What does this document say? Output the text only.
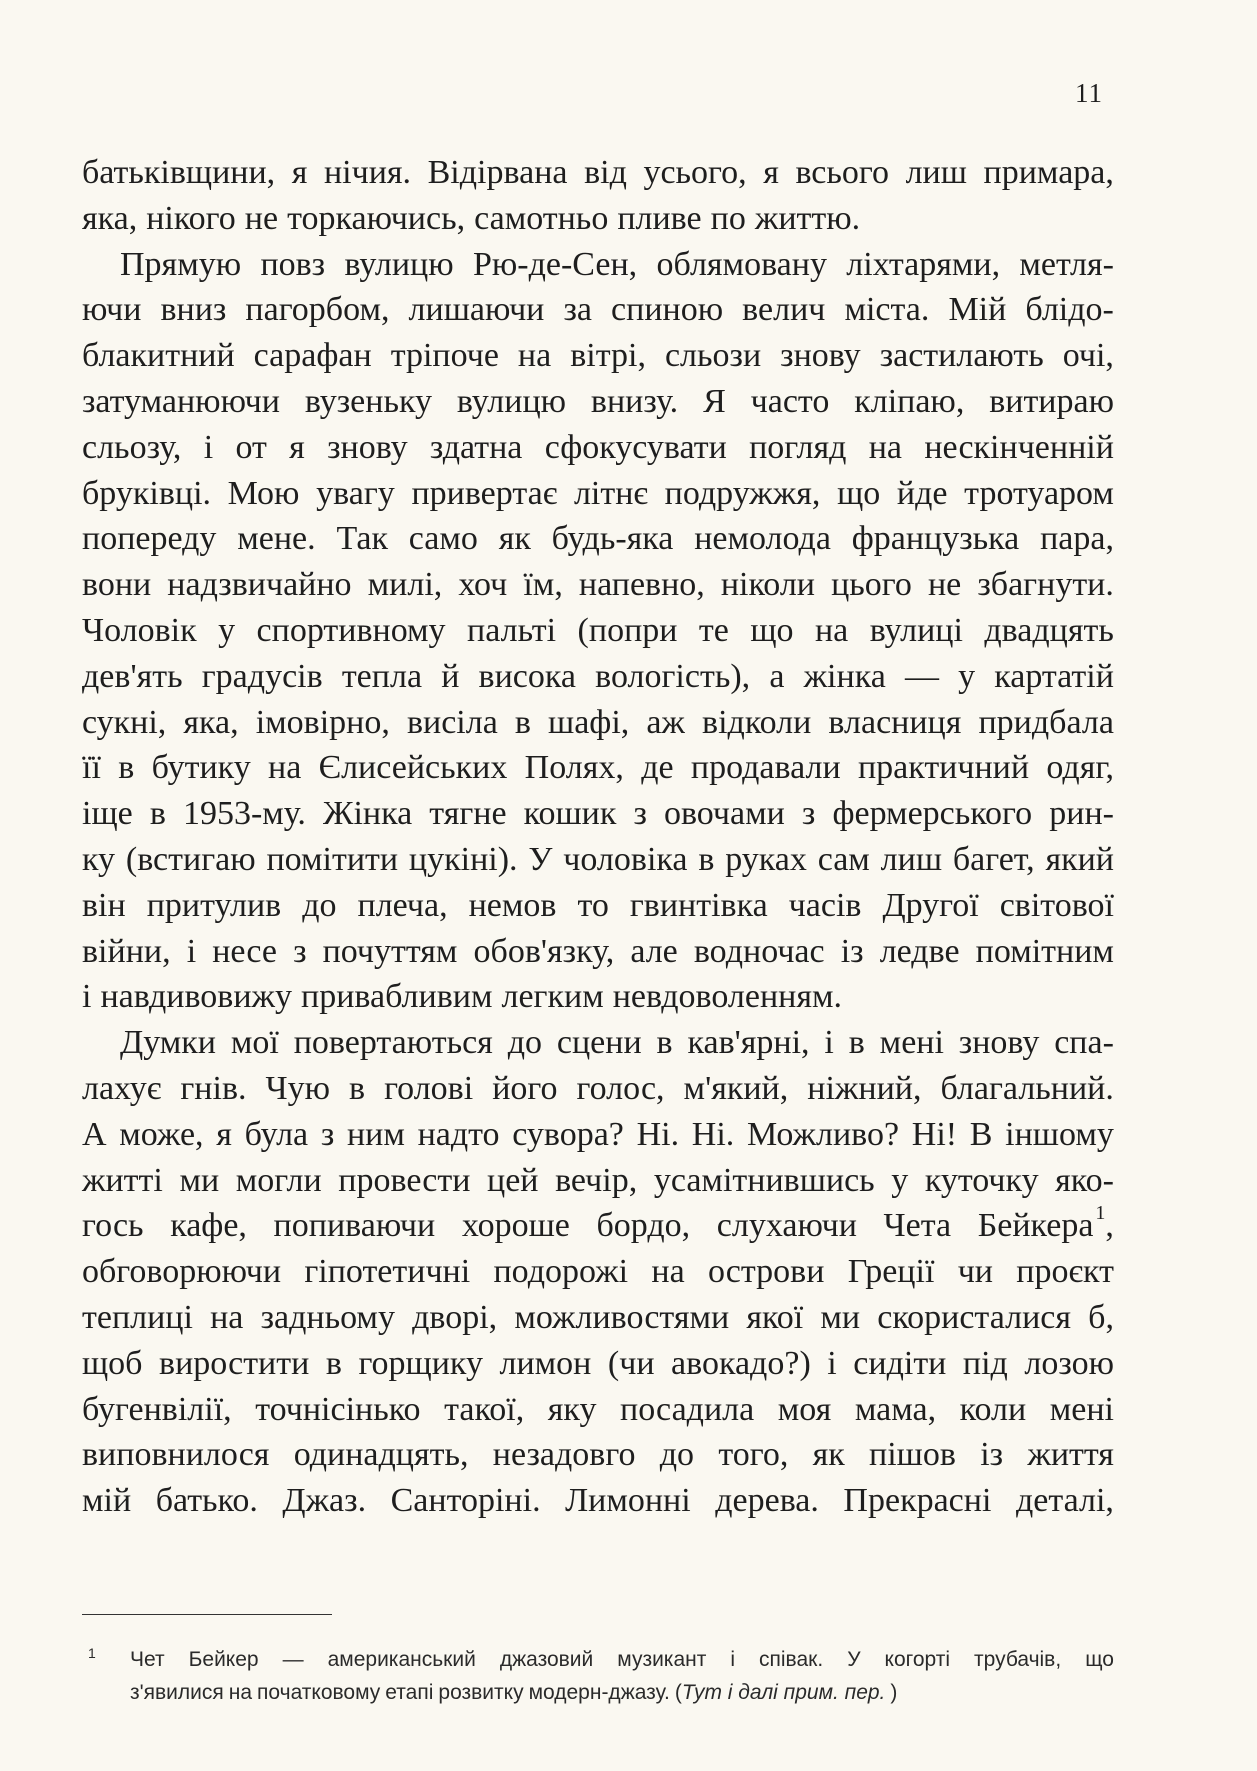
11
батьківщини, я нічия. Відірвана від усього, я всього лиш примара,
яка, нікого не торкаючись, самотньо пливе по життю.
Прямую повз вулицю Рю-де-Сен, облямовану ліхтарями, метля-
ючи вниз пагорбом, лишаючи за спиною велич міста. Мій блідо-
блакитний сарафан тріпоче на вітрі, сльози знову застилають очі,
затуманюючи вузеньку вулицю внизу. Я часто кліпаю, витираю
сльозу, і от я знову здатна сфокусувати погляд на нескінченній
бруківці. Мою увагу привертає літнє подружжя, що йде тротуаром
попереду мене. Так само як будь-яка немолода французька пара,
вони надзвичайно милі, хоч їм, напевно, ніколи цього не збагнути.
Чоловік у спортивному пальті (попри те що на вулиці двадцять
дев'ять градусів тепла й висока вологість), а жінка — у картатій
сукні, яка, імовірно, висіла в шафі, аж відколи власниця придбала
її в бутику на Єлисейських Полях, де продавали практичний одяг,
іще в 1953-му. Жінка тягне кошик з овочами з фермерського рин-
ку (встигаю помітити цукіні). У чоловіка в руках сам лиш багет, який
він притулив до плеча, немов то гвинтівка часів Другої світової
війни, і несе з почуттям обов'язку, але водночас із ледве помітним
і навдивовижу привабливим легким невдоволенням.
Думки мої повертаються до сцени в кав'ярні, і в мені знову спа-
лахує гнів. Чую в голові його голос, м'який, ніжний, благальний.
А може, я була з ним надто сувора? Ні. Ні. Можливо? Ні! В іншому
житті ми могли провести цей вечір, усамітнившись у куточку яко-
гось кафе, попиваючи хороше бордо, слухаючи Чета Бейкера $^1$,
обговорюючи гіпотетичні подорожі на острови Греції чи проєкт
теплиці на задньому дворі, можливостями якої ми скористалися б,
щоб виростити в горщику лимон (чи авокадо?) і сидіти під лозою
бугенвілії, точнісінько такої, яку посадила моя мама, коли мені
виповнилося одинадцять, незадовго до того, як пішов із життя
мій батько. Джаз. Санторіні. Лимонні дерева. Прекрасні деталі,
1 Чет Бейкер — американський джазовий музикант і співак. У когорті трубачів, що
з'явилися на початковому етапі розвитку модерн-джазу. (Тут і далі прим. пер. )
